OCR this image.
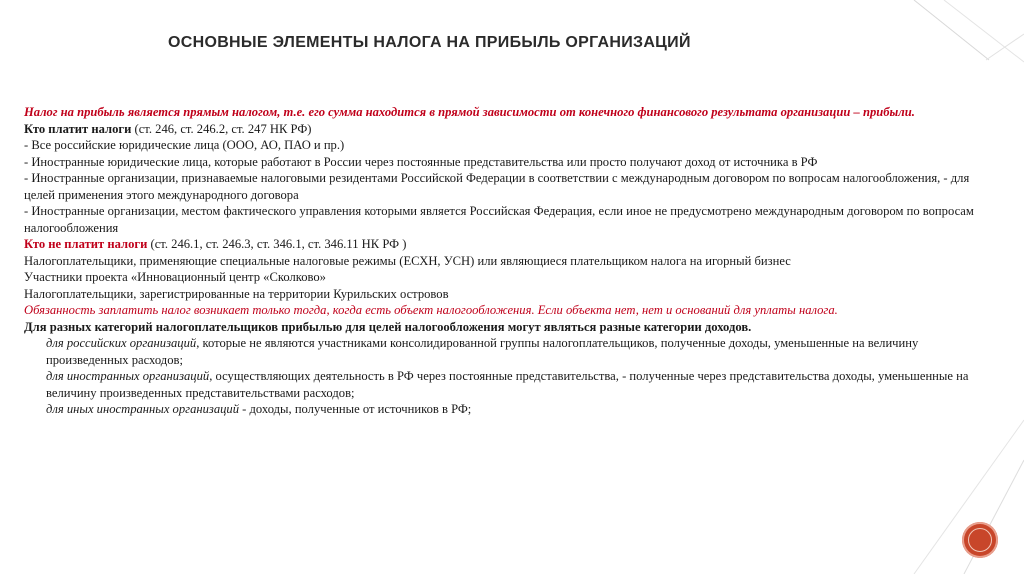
ОСНОВНЫЕ ЭЛЕМЕНТЫ НАЛОГА НА ПРИБЫЛЬ ОРГАНИЗАЦИЙ

Налог на прибыль является прямым налогом, т.е. его сумма находится в прямой зависимости от конечного финансового результата организации – прибыли.

Кто платит налоги (ст. 246, ст. 246.2, ст. 247 НК РФ)

- Все российские юридические лица (ООО, АО, ПАО и пр.)

- Иностранные юридические лица, которые работают в России через постоянные представительства или просто получают доход от источника в РФ

- Иностранные организации, признаваемые налоговыми резидентами Российской Федерации в соответствии с международным договором по вопросам налогообложения, - для целей применения этого международного договора

- Иностранные организации, местом фактического управления которыми является Российская Федерация, если иное не предусмотрено международным договором по вопросам налогообложения

Кто не платит налоги (ст. 246.1, ст. 246.3, ст. 346.1, ст. 346.11 НК РФ )

Налогоплательщики, применяющие специальные налоговые режимы (ЕСХН, УСН) или являющиеся плательщиком налога на игорный бизнес

Участники проекта «Инновационный центр «Сколково»

Налогоплательщики, зарегистрированные на территории Курильских островов

Обязанность заплатить налог возникает только тогда, когда есть объект налогообложения. Если объекта нет, нет и оснований для уплаты налога.

Для разных категорий налогоплательщиков прибылью для целей налогообложения могут являться разные категории доходов.

для российских организаций, которые не являются участниками консолидированной группы налогоплательщиков, полученные доходы, уменьшенные на величину произведенных расходов;

для иностранных организаций, осуществляющих деятельность в РФ через постоянные представительства, - полученные через представительства доходы, уменьшенные на величину произведенных представительствами расходов;

для иных иностранных организаций - доходы, полученные от источников в РФ;
